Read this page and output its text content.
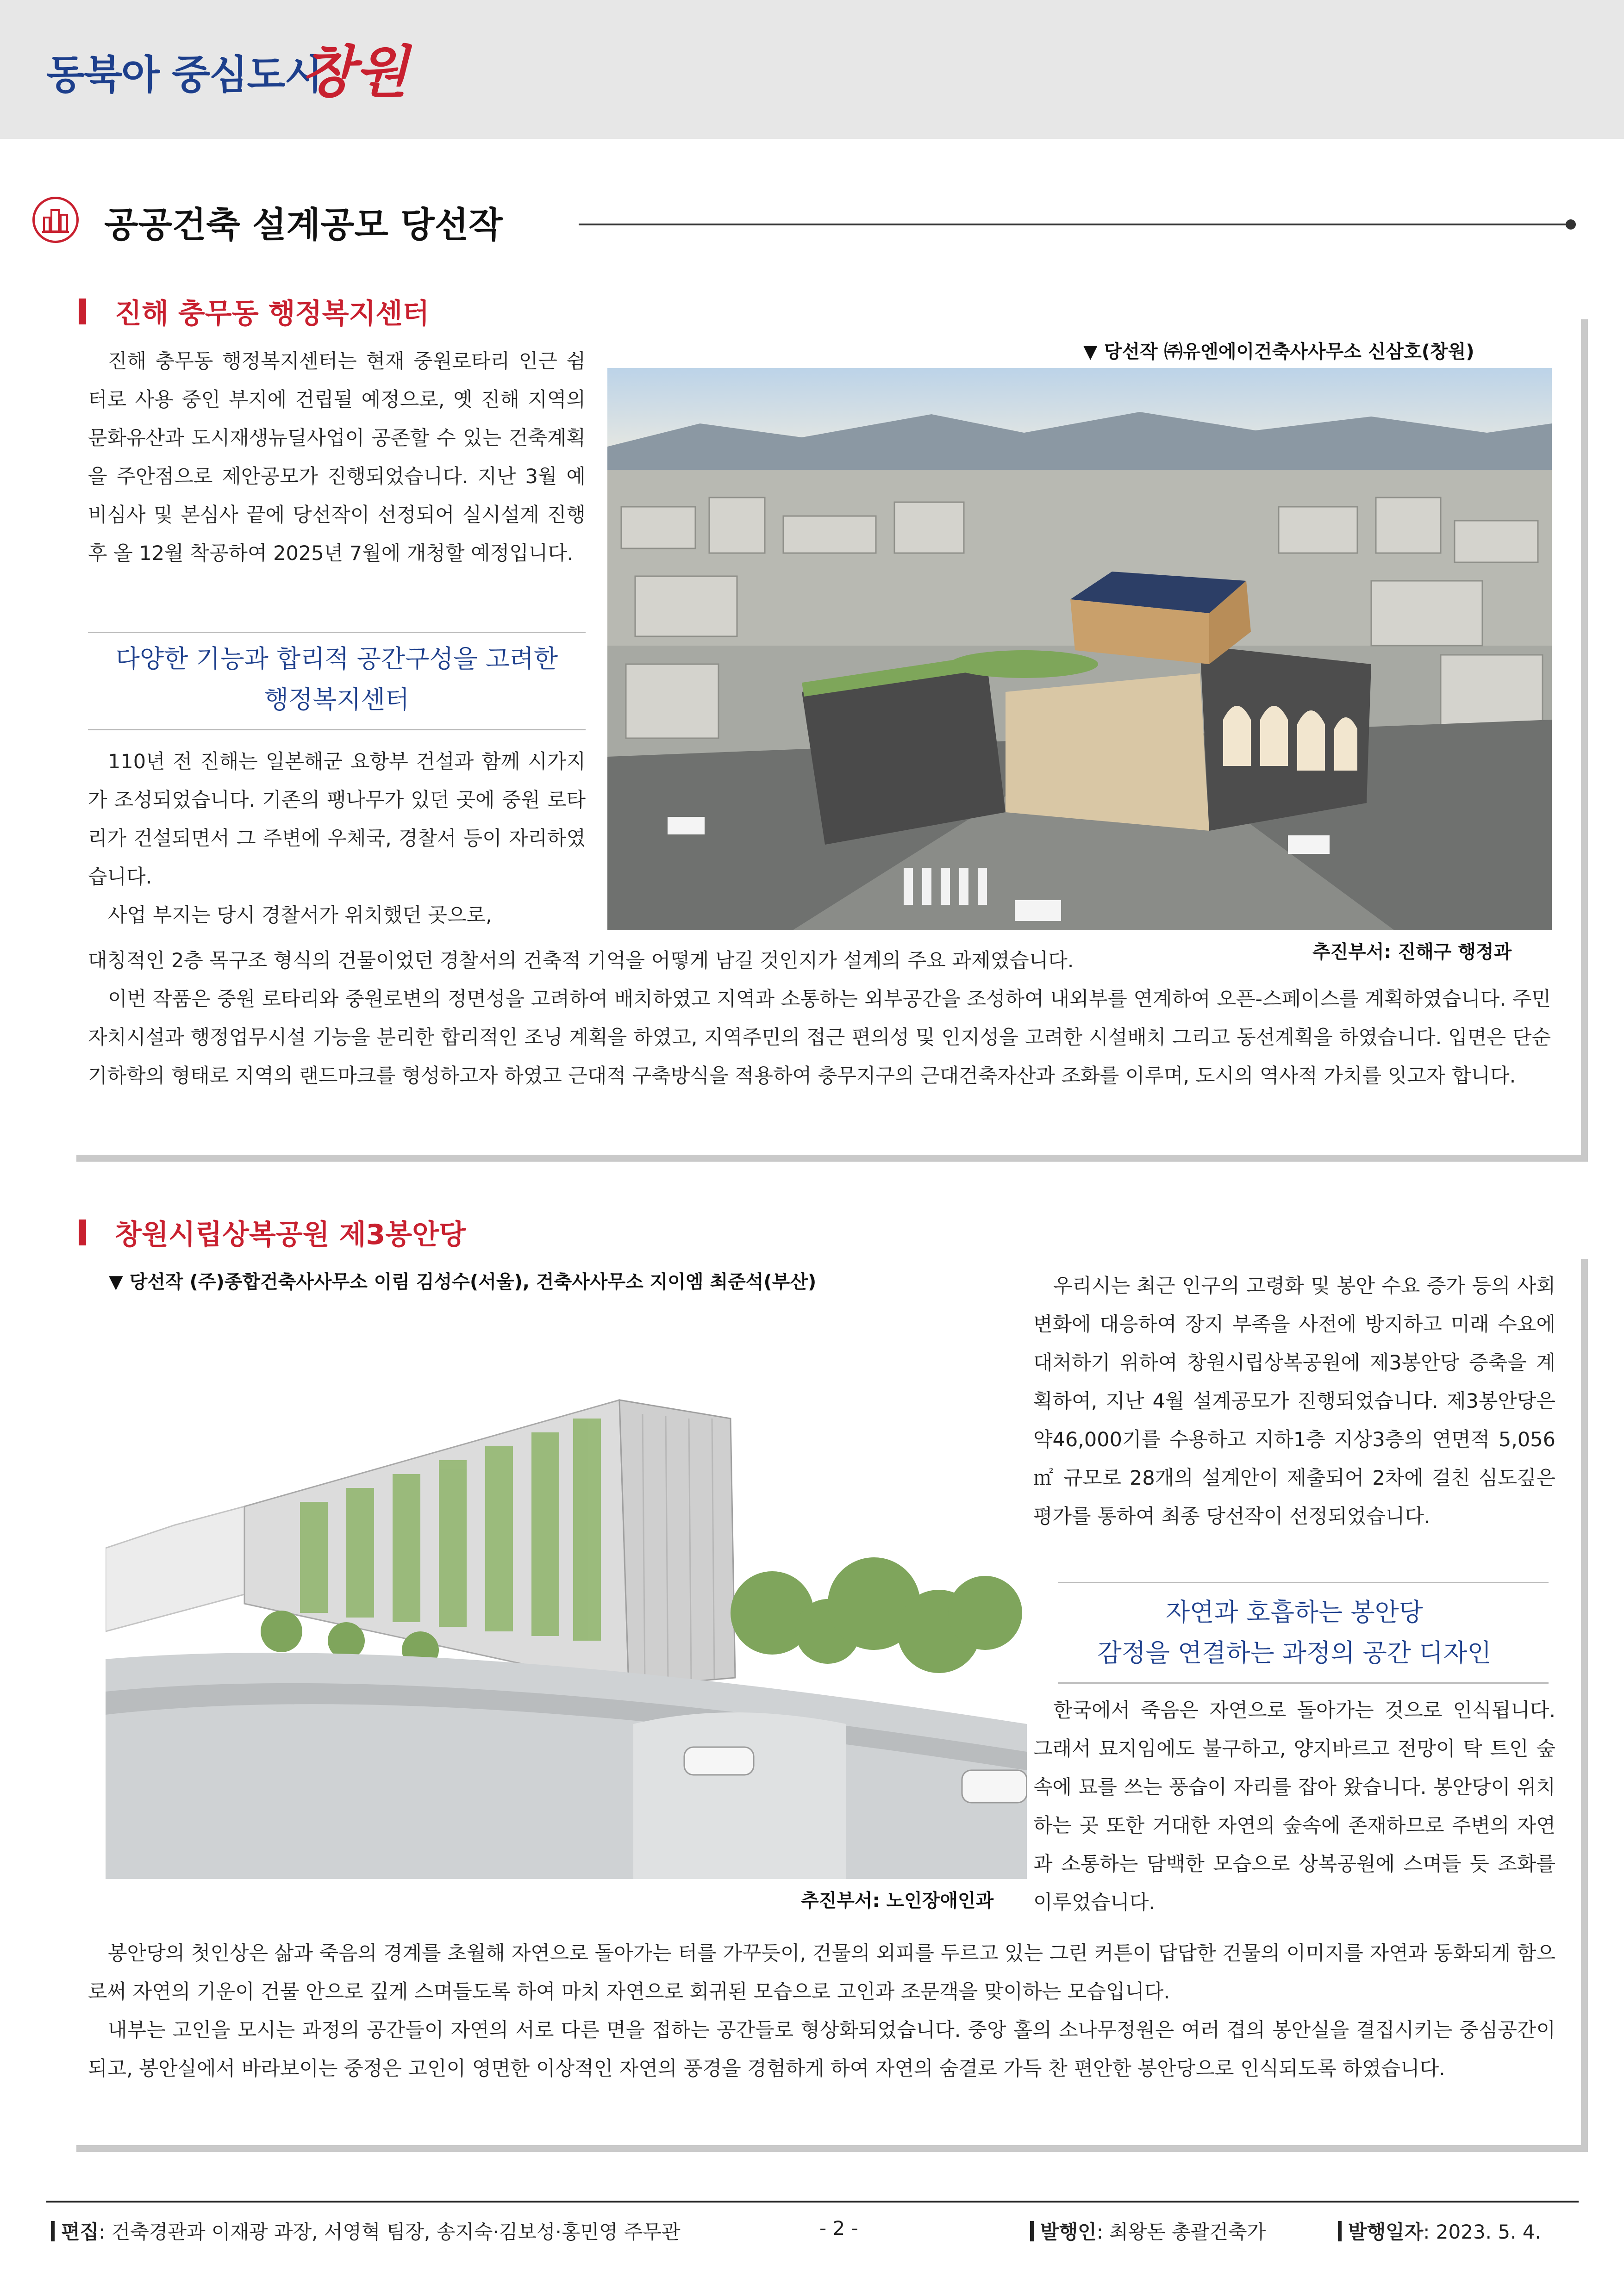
동북아 중심도시
창원
공공건축 설계공모 당선작
진해 충무동 행정복지센터
▼ 당선작 ㈜유엔에이건축사사무소 신삼호(창원)

진해 충무동 행정복지센터는 현재 중원로타리 인근 쉼터로 사용 중인 부지에 건립될 예정으로, 옛 진해 지역의 문화유산과 도시재생뉴딜사업이 공존할 수 있는 건축계획을 주안점으로 제안공모가 진행되었습니다. 지난 3월 예비심사 및 본심사 끝에 당선작이 선정되어 실시설계 진행 후 올 12월 착공하여 2025년 7월에 개청할 예정입니다.

다양한 기능과 합리적 공간구성을 고려한
행정복지센터

110년 전 진해는 일본해군 요항부 건설과 함께 시가지가 조성되었습니다. 기존의 팽나무가 있던 곳에 중원 로타리가 건설되면서 그 주변에 우체국, 경찰서 등이 자리하였습니다.

사업 부지는 당시 경찰서가 위치했던 곳으로,

추진부서: 진해구 행정과

대칭적인 2층 목구조 형식의 건물이었던 경찰서의 건축적 기억을 어떻게 남길 것인지가 설계의 주요 과제였습니다.

이번 작품은 중원 로타리와 중원로변의 정면성을 고려하여 배치하였고 지역과 소통하는 외부공간을 조성하여 내외부를 연계하여 오픈-스페이스를 계획하였습니다. 주민자치시설과 행정업무시설 기능을 분리한 합리적인 조닝 계획을 하였고, 지역주민의 접근 편의성 및 인지성을 고려한 시설배치 그리고 동선계획을 하였습니다. 입면은 단순 기하학의 형태로 지역의 랜드마크를 형성하고자 하였고 근대적 구축방식을 적용하여 충무지구의 근대건축자산과 조화를 이루며, 도시의 역사적 가치를 잇고자 합니다.

창원시립상복공원 제3봉안당
▼ 당선작 (주)종합건축사사무소 이림 김성수(서울), 건축사사무소 지이엠 최준석(부산)	우리시는 최근 인구의 고령화 및 봉안 수요 증가 등의 사회변화에 대응하여 장지 부족을 사전에 방지하고 미래 수요에 대처하기 위하여 창원시립상복공원에 제3봉안당 증축을 계획하여, 지난 4월 설계공모가 진행되었습니다. 제3봉안당은 약46,000기를 수용하고 지하1층 지상3층의 연면적 5,056㎡ 규모로 28개의 설계안이 제출되어 2차에 걸친 심도깊은 평가를 통하여 최종 당선작이 선정되었습니다.

자연과 호흡하는 봉안당
감정을 연결하는 과정의 공간 디자인
추진부서: 노인장애인과

한국에서 죽음은 자연으로 돌아가는 것으로 인식됩니다. 그래서 묘지임에도 불구하고, 양지바르고 전망이 탁 트인 숲속에 묘를 쓰는 풍습이 자리를 잡아 왔습니다. 봉안당이 위치하는 곳 또한 거대한 자연의 숲속에 존재하므로 주변의 자연과 소통하는 담백한 모습으로 상복공원에 스며들 듯 조화를 이루었습니다.

봉안당의 첫인상은 삶과 죽음의 경계를 초월해 자연으로 돌아가는 터를 가꾸듯이, 건물의 외피를 두르고 있는 그린 커튼이 답답한 건물의 이미지를 자연과 동화되게 함으로써 자연의 기운이 건물 안으로 깊게 스며들도록 하여 마치 자연으로 회귀된 모습으로 고인과 조문객을 맞이하는 모습입니다.

내부는 고인을 모시는 과정의 공간들이 자연의 서로 다른 면을 접하는 공간들로 형상화되었습니다. 중앙 홀의 소나무정원은 여러 겹의 봉안실을 결집시키는 중심공간이 되고, 봉안실에서 바라보이는 중정은 고인이 영면한 이상적인 자연의 풍경을 경험하게 하여 자연의 숨결로 가득 찬 편안한 봉안당으로 인식되도록 하였습니다.

편집: 건축경관과 이재광 과장, 서영혁 팀장, 송지숙·김보성·홍민영 주무관	- 2 -	발행인: 최왕돈 총괄건축가	발행일자: 2023. 5. 4.
